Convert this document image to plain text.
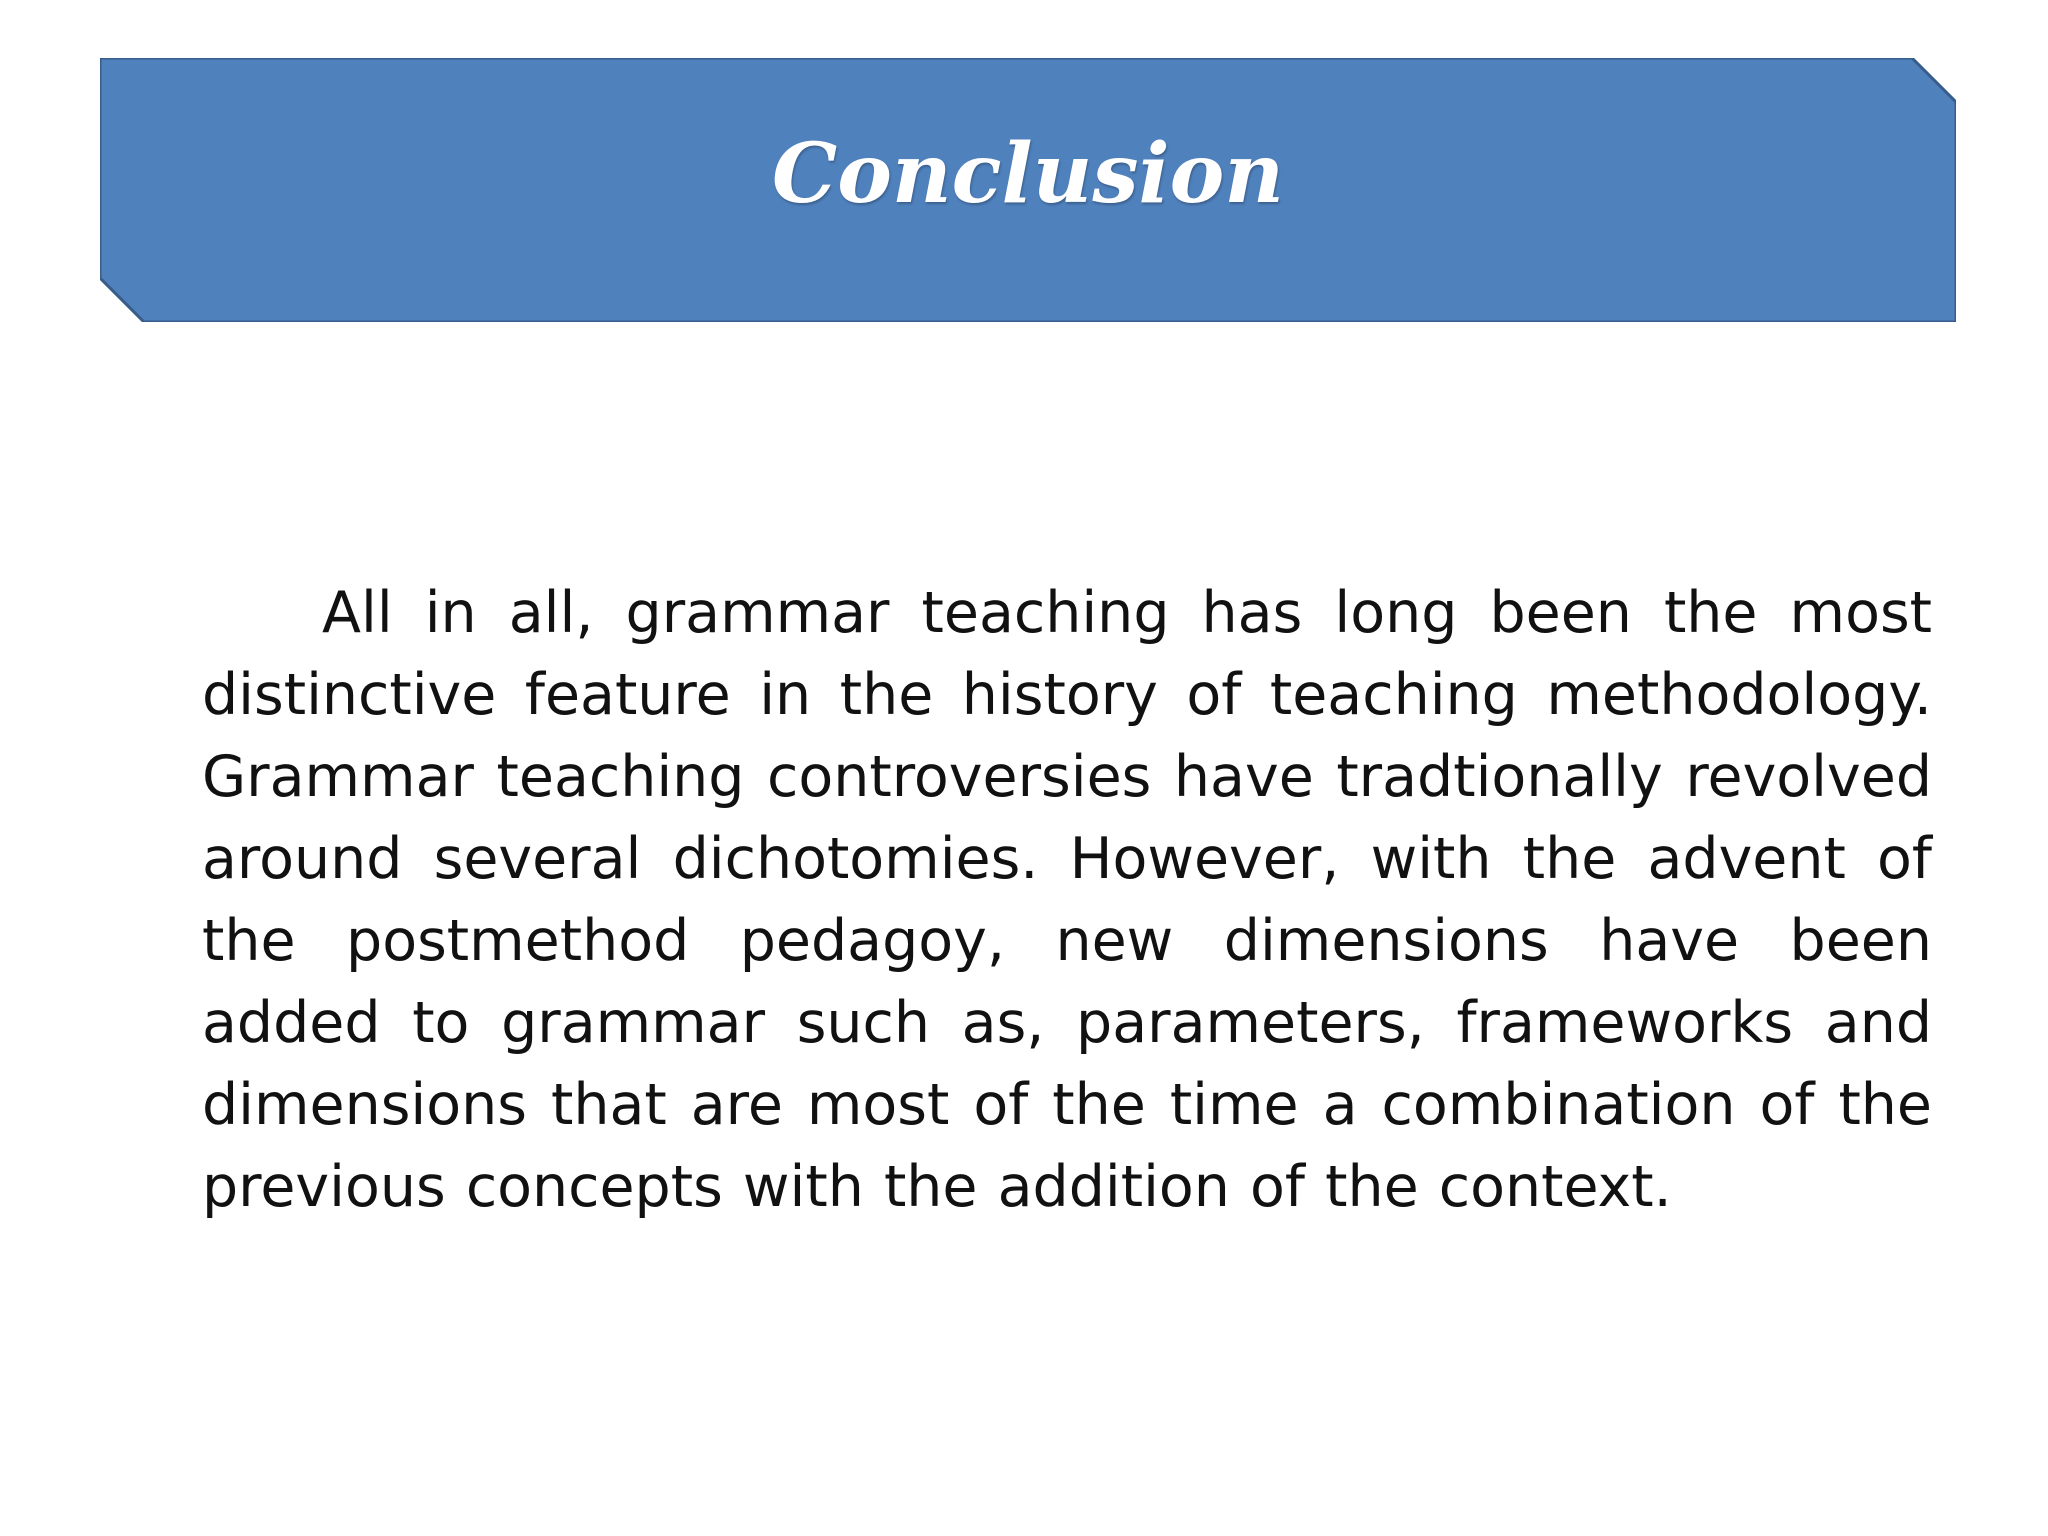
Conclusion

All in all, grammar teaching has long been the most distinctive feature in the history of teaching methodology. Grammar teaching controversies have tradtionally revolved around several dichotomies. However, with the advent of the postmethod pedagoy, new dimensions have been added to grammar such as, parameters, frameworks and dimensions that are most of the time a combination of the previous concepts with the addition of the context.
